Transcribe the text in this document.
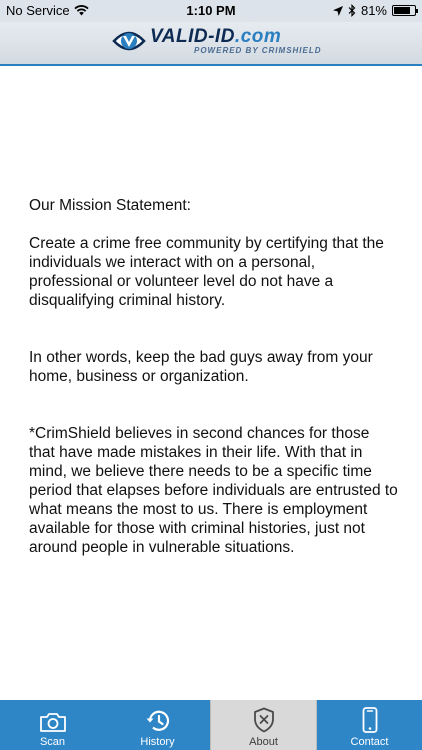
No Service	1:10 PM	81%
VALID-ID.com
POWERED BY CRIMSHIELD

Our Mission Statement:

Create a crime free community by certifying that the individuals we interact with on a personal, professional or volunteer level do not have a disqualifying criminal history.

In other words, keep the bad guys away from your home, business or organization.

*CrimShield believes in second chances for those that have made mistakes in their life. With that in mind, we believe there needs to be a specific time period that elapses before individuals are entrusted to what means the most to us. There is employment available for those with criminal histories, just not around people in vulnerable situations.

Scan	History	About	Contact
